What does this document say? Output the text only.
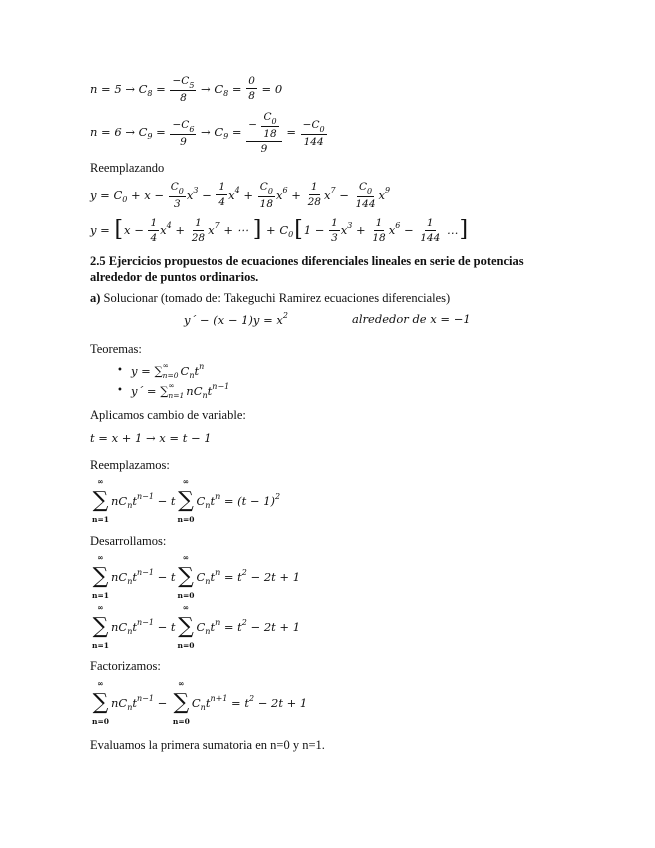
n = 5 → C $8 = \frac{-C 5}{8} \to C$ $8 = \frac{0}{8} = 0$
n = 6 → C $9 = \frac{-C 6}{9} \to C$ $9 = \frac{- \frac{C 0}{18}}{9} = \frac{-C 0}{144}$
Reemplazando
y = C $0 + x - \frac{C 0}{3}$ x $3 - \frac{1}{4}$ x $4 + \frac{C 0}{18}$ x $6 + \frac{1}{28}$ x $7 - \frac{C 0}{144}$ x 9
y = [ $x - \frac{1}{4}$ x $4 + \frac{1}{28}$ x 7 + ⋯ ] + C 0 [ $1 - \frac{1}{3}$ x $3 + \frac{1}{18}$ x $6 - \frac{1}{144}$ … ]
2.5 Ejercicios propuestos de ecuaciones diferenciales lineales en serie de potencias alrededor de puntos ordinarios.
a) Solucionar (tomado de: Takeguchi Ramirez ecuaciones diferenciales)
y´ − (x − 1)y = x 2	alrededor de x = −1
Teoremas:
• y = ∑ ∞
n=0 C n t n
• y´ = ∑ ∞
n=1 nC n t n−1
Aplicamos cambio de variable:
t = x + 1 → x = t − 1
Reemplazamos:
∞
∑
n=1
nC n t n−1 − t
∞
∑
n=0
C n t n = (t − 1) 2
Desarrollamos:
∞
∑
n=1
nC n t n−1 − t
∞
∑
n=0
C n t n = t 2 − 2t + 1
∞
∑
n=1
nC n t n−1 − t
∞
∑
n=0
C n t n = t 2 − 2t + 1
Factorizamos:
∞
∑
n=0
nC n t n−1 −
∞
∑
n=0
C n t n+1 = t 2 − 2t + 1
Evaluamos la primera sumatoria en n=0 y n=1.
